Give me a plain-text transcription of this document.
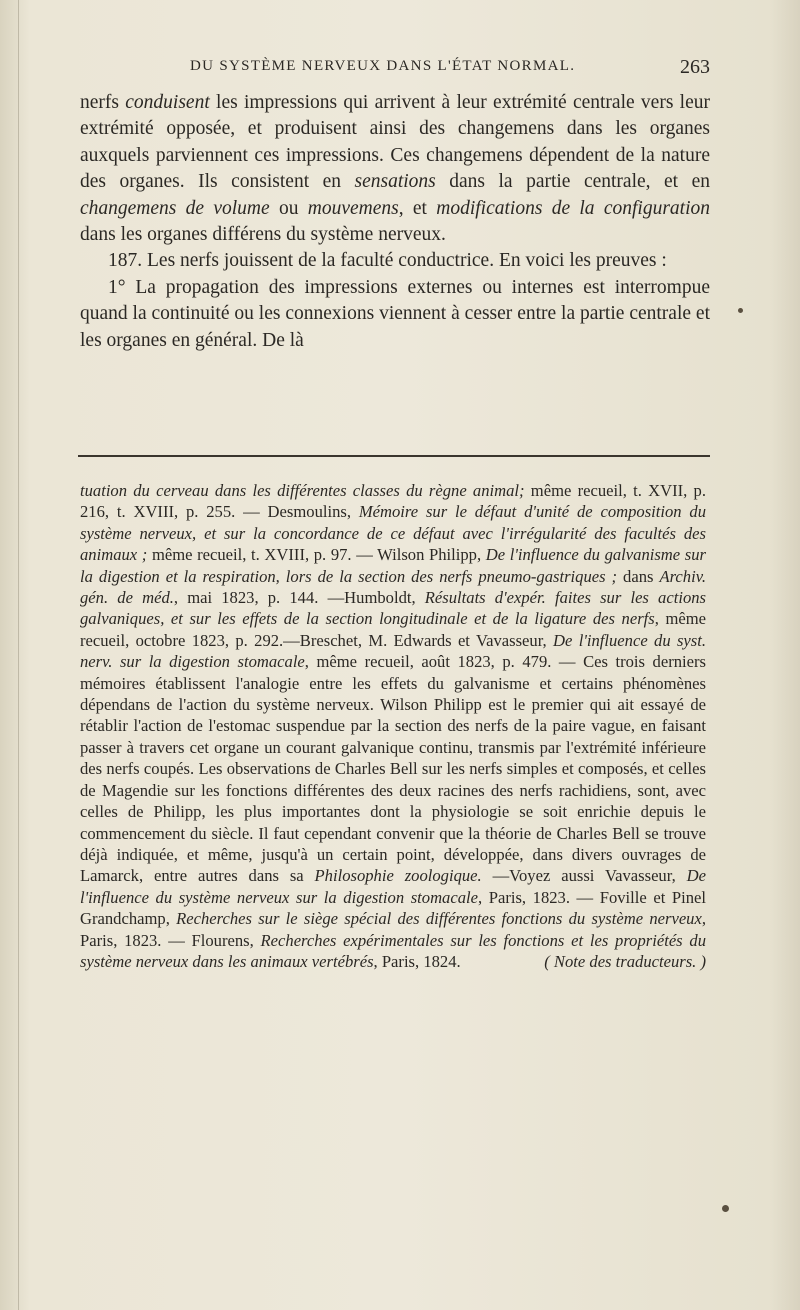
DU SYSTÈME NERVEUX DANS L'ÉTAT NORMAL.	263

nerfs conduisent les impressions qui arrivent à leur extrémité centrale vers leur extrémité opposée, et produisent ainsi des changemens dans les organes auxquels parviennent ces impressions. Ces changemens dépendent de la nature des organes. Ils consistent en sensations dans la partie centrale, et en changemens de volume ou mouvemens, et modifications de la configuration dans les organes différens du système nerveux.

187. Les nerfs jouissent de la faculté conductrice. En voici les preuves :

1° La propagation des impressions externes ou internes est interrompue quand la continuité ou les connexions viennent à cesser entre la partie centrale et les organes en général. De là

tuation du cerveau dans les différentes classes du règne animal; même recueil, t. XVII, p. 216, t. XVIII, p. 255. — Desmoulins, Mémoire sur le défaut d'unité de composition du système nerveux, et sur la concordance de ce défaut avec l'irrégularité des facultés des animaux ; même recueil, t. XVIII, p. 97. — Wilson Philipp, De l'influence du galvanisme sur la digestion et la respiration, lors de la section des nerfs pneumo-gastriques ; dans Archiv. gén. de méd., mai 1823, p. 144. —Humboldt, Résultats d'expér. faites sur les actions galvaniques, et sur les effets de la section longitudinale et de la ligature des nerfs, même recueil, octobre 1823, p. 292.—Breschet, M. Edwards et Vavasseur, De l'influence du syst. nerv. sur la digestion stomacale, même recueil, août 1823, p. 479. — Ces trois derniers mémoires établissent l'analogie entre les effets du galvanisme et certains phénomènes dépendans de l'action du système nerveux. Wilson Philipp est le premier qui ait essayé de rétablir l'action de l'estomac suspendue par la section des nerfs de la paire vague, en faisant passer à travers cet organe un courant galvanique continu, transmis par l'extrémité inférieure des nerfs coupés. Les observations de Charles Bell sur les nerfs simples et composés, et celles de Magendie sur les fonctions différentes des deux racines des nerfs rachidiens, sont, avec celles de Philipp, les plus importantes dont la physiologie se soit enrichie depuis le commencement du siècle. Il faut cependant convenir que la théorie de Charles Bell se trouve déjà indiquée, et même, jusqu'à un certain point, développée, dans divers ouvrages de Lamarck, entre autres dans sa Philosophie zoologique. —Voyez aussi Vavasseur, De l'influence du système nerveux sur la digestion stomacale, Paris, 1823. — Foville et Pinel Grandchamp, Recherches sur le siège spécial des différentes fonctions du système nerveux, Paris, 1823. — Flourens, Recherches expérimentales sur les fonctions et les propriétés du système nerveux dans les animaux vertébrés, Paris, 1824.	( Note des traducteurs. )
